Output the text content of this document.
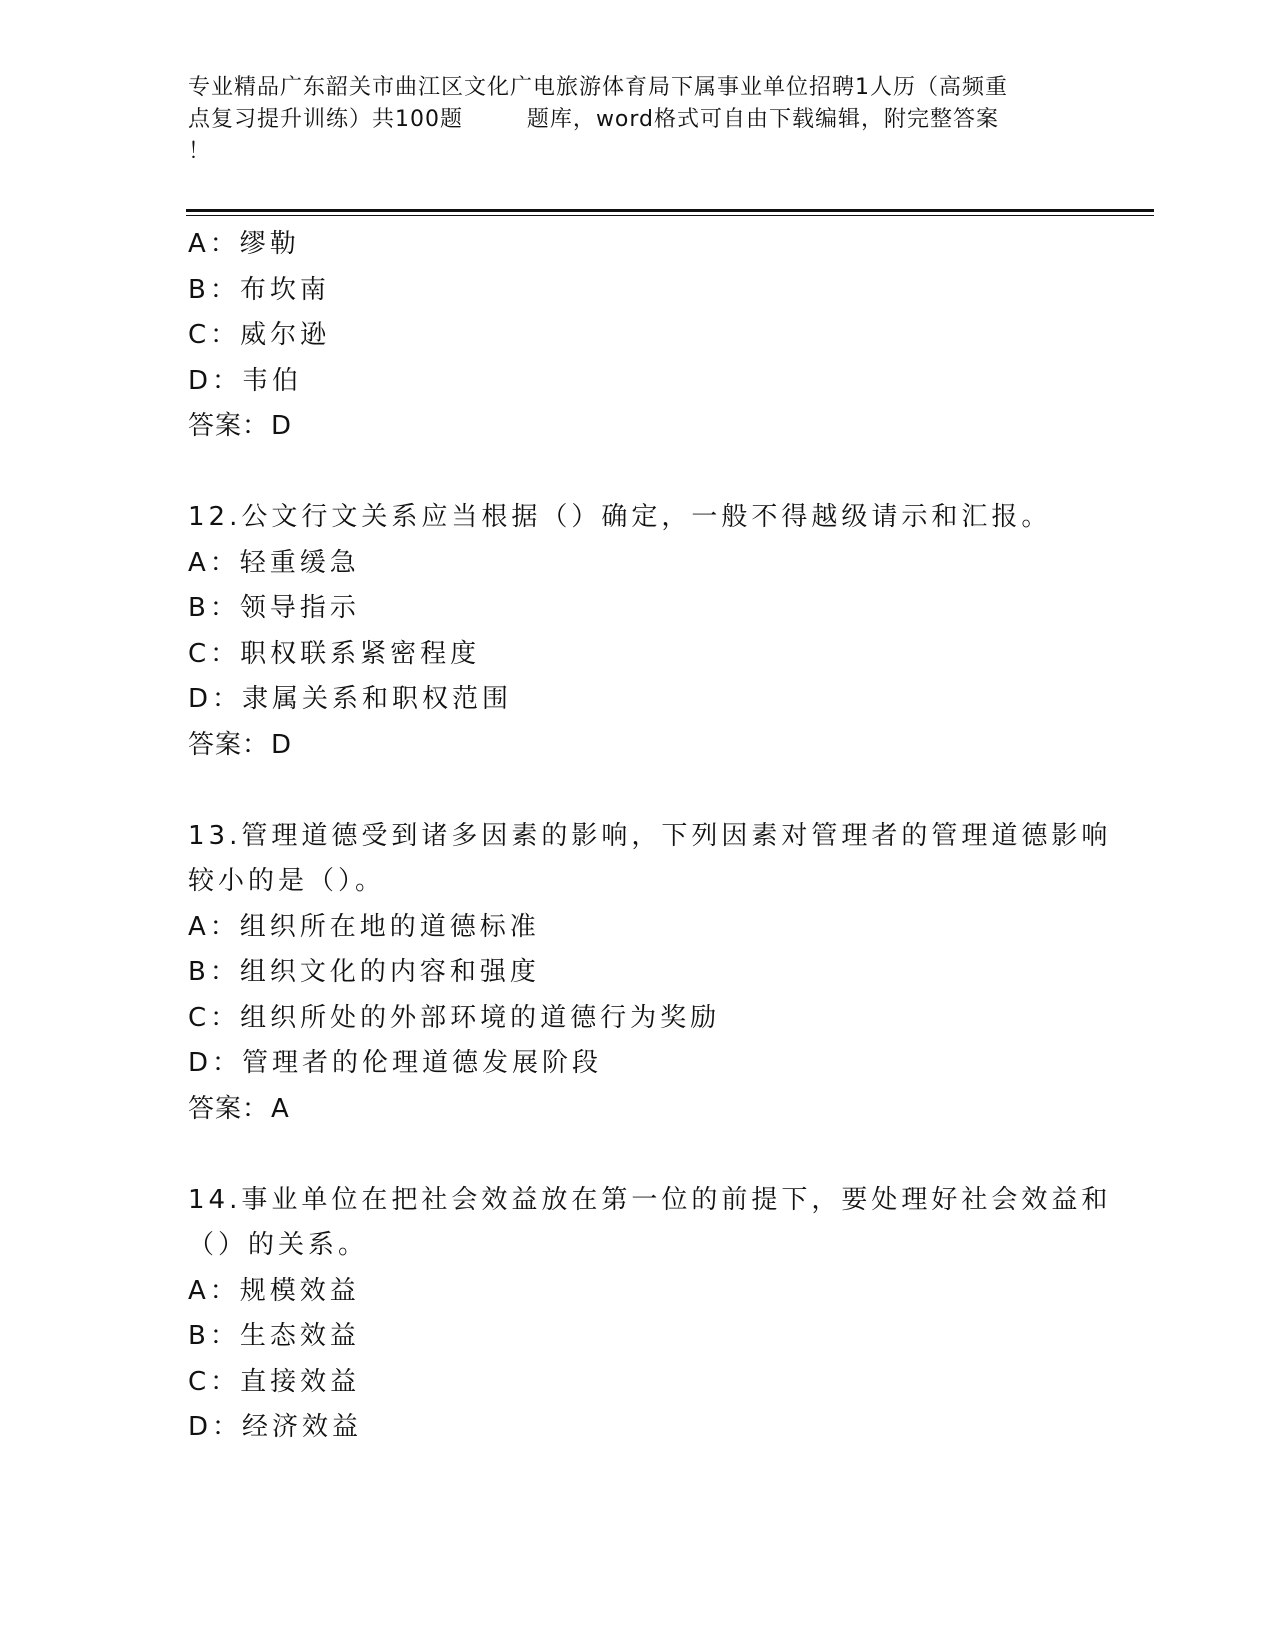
专业精品广东韶关市曲江区文化广电旅游体育局下属事业单位招聘1人历（高频重
点复习提升训练）共100题        题库，word格式可自由下载编辑，附完整答案
！
A：缪勒
B：布坎南
C：威尔逊
D：韦伯
答案：D
12.公文行文关系应当根据（）确定，一般不得越级请示和汇报。
A：轻重缓急
B：领导指示
C：职权联系紧密程度
D：隶属关系和职权范围
答案：D
13.管理道德受到诸多因素的影响，下列因素对管理者的管理道德影响
较小的是（）。
A：组织所在地的道德标准
B：组织文化的内容和强度
C：组织所处的外部环境的道德行为奖励
D：管理者的伦理道德发展阶段
答案：A
14.事业单位在把社会效益放在第一位的前提下，要处理好社会效益和
（）的关系。
A：规模效益
B：生态效益
C：直接效益
D：经济效益
